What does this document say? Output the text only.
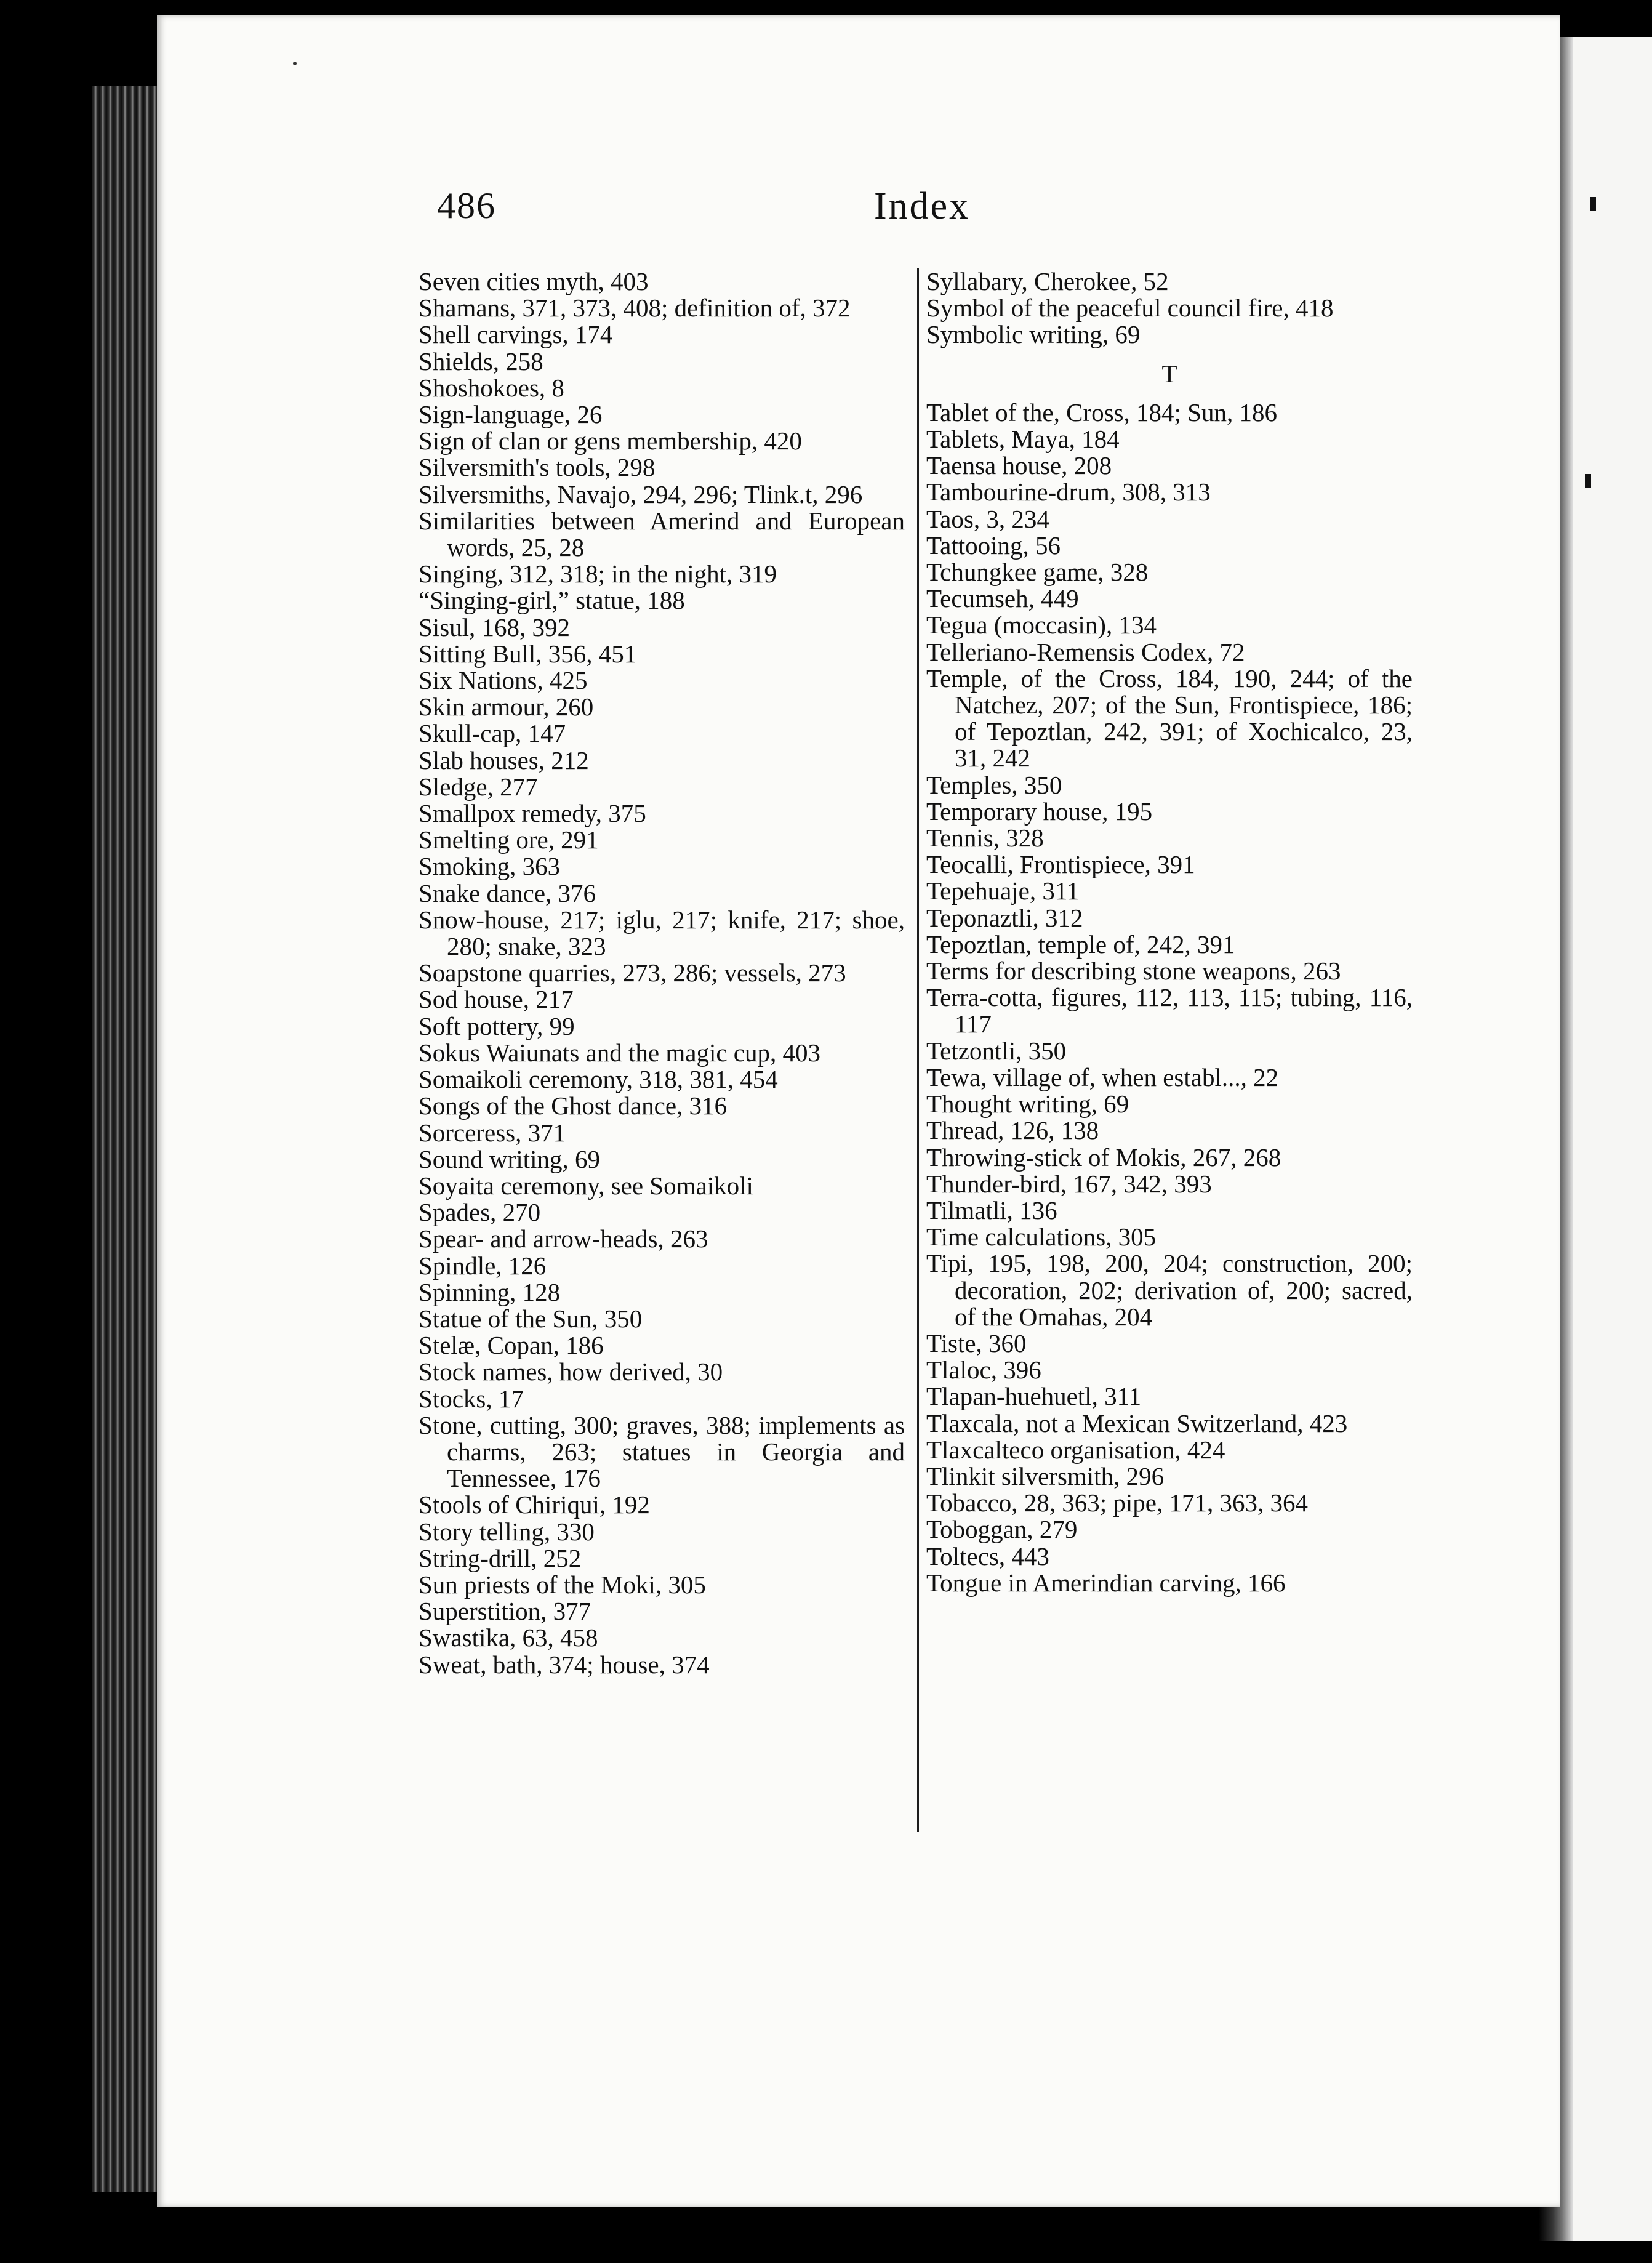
486	Index
Seven cities myth, 403
Shamans, 371, 373, 408; definition of, 372
Shell carvings, 174
Shields, 258
Shoshokoes, 8
Sign-language, 26
Sign of clan or gens membership, 420
Silversmith's tools, 298
Silversmiths, Navajo, 294, 296; Tlink.t, 296
Similarities between Amerind and European words, 25, 28
Singing, 312, 318; in the night, 319
“Singing-girl,” statue, 188
Sisul, 168, 392
Sitting Bull, 356, 451
Six Nations, 425
Skin armour, 260
Skull-cap, 147
Slab houses, 212
Sledge, 277
Smallpox remedy, 375
Smelting ore, 291
Smoking, 363
Snake dance, 376
Snow-house, 217; iglu, 217; knife, 217; shoe, 280; snake, 323
Soapstone quarries, 273, 286; vessels, 273
Sod house, 217
Soft pottery, 99
Sokus Waiunats and the magic cup, 403
Somaikoli ceremony, 318, 381, 454
Songs of the Ghost dance, 316
Sorceress, 371
Sound writing, 69
Soyaita ceremony, see Somaikoli
Spades, 270
Spear- and arrow-heads, 263
Spindle, 126
Spinning, 128
Statue of the Sun, 350
Stelæ, Copan, 186
Stock names, how derived, 30
Stocks, 17
Stone, cutting, 300; graves, 388; implements as charms, 263; statues in Georgia and Tennessee, 176
Stools of Chiriqui, 192
Story telling, 330
String-drill, 252
Sun priests of the Moki, 305
Superstition, 377
Swastika, 63, 458
Sweat, bath, 374; house, 374
Syllabary, Cherokee, 52
Symbol of the peaceful council fire, 418
Symbolic writing, 69
T
Tablet of the, Cross, 184; Sun, 186
Tablets, Maya, 184
Taensa house, 208
Tambourine-drum, 308, 313
Taos, 3, 234
Tattooing, 56
Tchungkee game, 328
Tecumseh, 449
Tegua (moccasin), 134
Telleriano-Remensis Codex, 72
Temple, of the Cross, 184, 190, 244; of the Natchez, 207; of the Sun, Frontispiece, 186; of Tepoztlan, 242, 391; of Xochicalco, 23, 31, 242
Temples, 350
Temporary house, 195
Tennis, 328
Teocalli, Frontispiece, 391
Tepehuaje, 311
Teponaztli, 312
Tepoztlan, temple of, 242, 391
Terms for describing stone weapons, 263
Terra-cotta, figures, 112, 113, 115; tubing, 116, 117
Tetzontli, 350
Tewa, village of, when establ..., 22
Thought writing, 69
Thread, 126, 138
Throwing-stick of Mokis, 267, 268
Thunder-bird, 167, 342, 393
Tilmatli, 136
Time calculations, 305
Tipi, 195, 198, 200, 204; construction, 200; decoration, 202; derivation of, 200; sacred, of the Omahas, 204
Tiste, 360
Tlaloc, 396
Tlapan-huehuetl, 311
Tlaxcala, not a Mexican Switzerland, 423
Tlaxcalteco organisation, 424
Tlinkit silversmith, 296
Tobacco, 28, 363; pipe, 171, 363, 364
Toboggan, 279
Toltecs, 443
Tongue in Amerindian carving, 166
